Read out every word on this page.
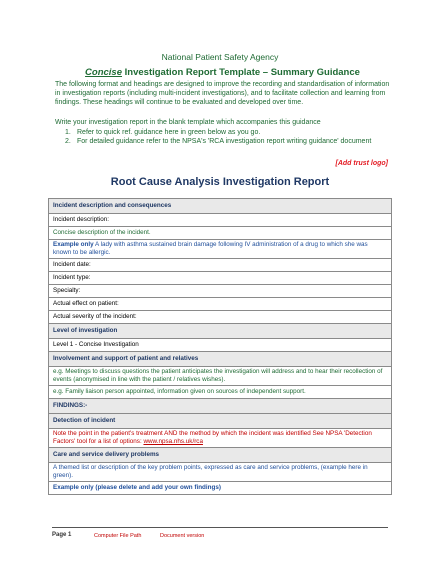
National Patient Safety Agency
Concise Investigation Report Template – Summary Guidance
The following format and headings are designed to improve the recording and standardisation of information in investigation reports (including multi-incident investigations), and to facilitate collection and learning from findings. These headings will continue to be evaluated and developed over time.
Write your investigation report in the blank template which accompanies this guidance
1. Refer to quick ref. guidance here in green below as you go.
2. For detailed guidance refer to the NPSA's 'RCA investigation report writing guidance' document
[Add trust logo]
Root Cause Analysis Investigation Report
Incident description and consequences
Incident description:
Concise description of the incident.
Example only A lady with asthma sustained brain damage following IV administration of a drug to which she was known to be allergic.
Incident date:
Incident type:
Specialty:
Actual effect on patient:
Actual severity of the incident:
Level of investigation
Level 1 - Concise Investigation
Involvement and support of patient and relatives
e.g. Meetings to discuss questions the patient anticipates the investigation will address and to hear their recollection of events (anonymised in line with the patient / relatives wishes).
e.g. Family liaison person appointed, information given on sources of independent support.
FINDINGS:-
Detection of incident
Note the point in the patient's treatment AND the method by which the incident was identified See NPSA 'Detection Factors' tool for a list of options: www.npsa.nhs.uk/rca
Care and service delivery problems
A themed list or description of the key problem points, expressed as care and service problems, (example here in green).
Example only (please delete and add your own findings)
Page 1	Computer File Path	Document version
